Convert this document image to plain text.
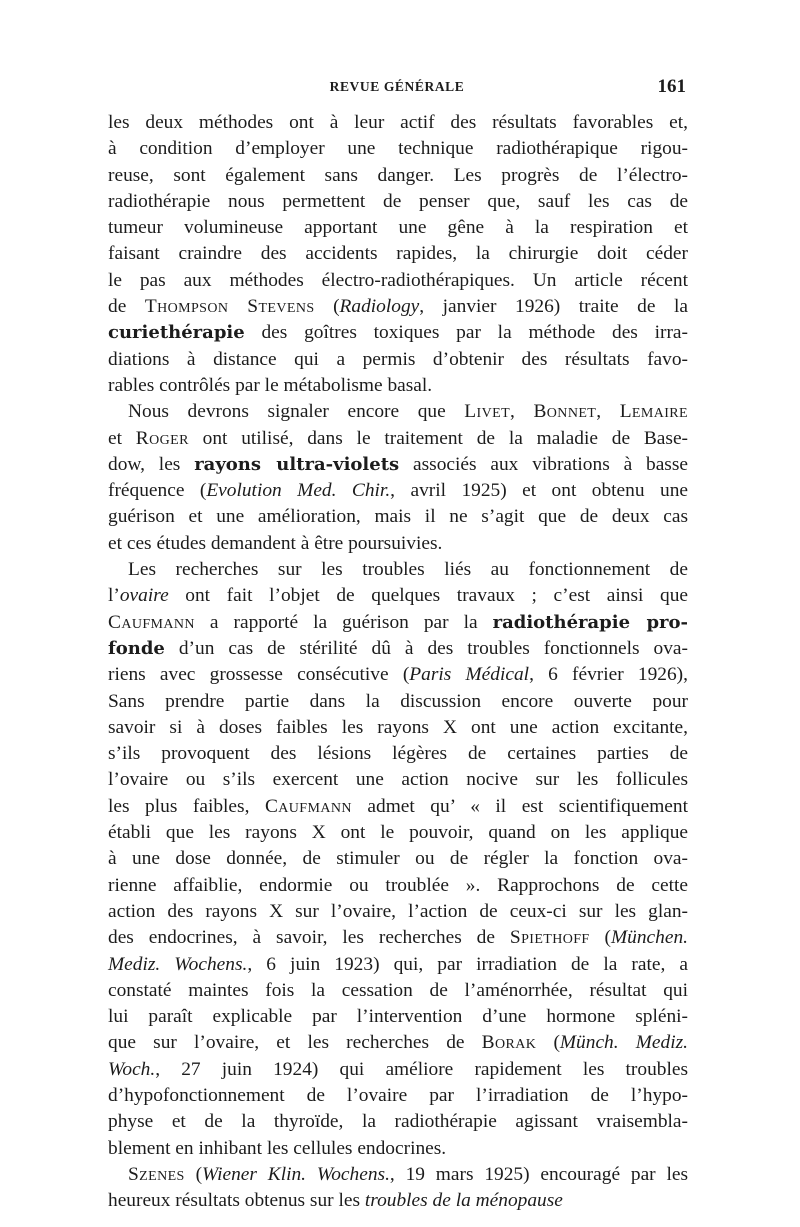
REVUE GÉNÉRALE	161
les deux méthodes ont à leur actif des résultats favorables et,
à condition d’employer une technique radiothérapique rigou-
reuse, sont également sans danger. Les progrès de l’électro-
radiothérapie nous permettent de penser que, sauf les cas de
tumeur volumineuse apportant une gêne à la respiration et
faisant craindre des accidents rapides, la chirurgie doit céder
le pas aux méthodes électro-radiothérapiques. Un article récent
de Thompson Stevens (Radiology, janvier 1926) traite de la
curiethérapie des goîtres toxiques par la méthode des irra-
diations à distance qui a permis d’obtenir des résultats favo-
rables contrôlés par le métabolisme basal.
Nous devrons signaler encore que Livet, Bonnet, Lemaire
et Roger ont utilisé, dans le traitement de la maladie de Base-
dow, les rayons ultra-violets associés aux vibrations à basse
fréquence (Evolution Med. Chir., avril 1925) et ont obtenu une
guérison et une amélioration, mais il ne s’agit que de deux cas
et ces études demandent à être poursuivies.
Les recherches sur les troubles liés au fonctionnement de
l’ovaire ont fait l’objet de quelques travaux ; c’est ainsi que
Caufmann a rapporté la guérison par la radiothérapie pro-
fonde d’un cas de stérilité dû à des troubles fonctionnels ova-
riens avec grossesse consécutive (Paris Médical, 6 février 1926),
Sans prendre partie dans la discussion encore ouverte pour
savoir si à doses faibles les rayons X ont une action excitante,
s’ils provoquent des lésions légères de certaines parties de
l’ovaire ou s’ils exercent une action nocive sur les follicules
les plus faibles, Caufmann admet qu’ « il est scientifiquement
établi que les rayons X ont le pouvoir, quand on les applique
à une dose donnée, de stimuler ou de régler la fonction ova-
rienne affaiblie, endormie ou troublée ». Rapprochons de cette
action des rayons X sur l’ovaire, l’action de ceux-ci sur les glan-
des endocrines, à savoir, les recherches de Spiethoff (München.
Mediz. Wochens., 6 juin 1923) qui, par irradiation de la rate, a
constaté maintes fois la cessation de l’aménorrhée, résultat qui
lui paraît explicable par l’intervention d’une hormone spléni-
que sur l’ovaire, et les recherches de Borak (Münch. Mediz.
Woch., 27 juin 1924) qui améliore rapidement les troubles
d’hypofonctionnement de l’ovaire par l’irradiation de l’hypo-
physe et de la thyroïde, la radiothérapie agissant vraisembla-
blement en inhibant les cellules endocrines.
Szenes (Wiener Klin. Wochens., 19 mars 1925) encouragé par les
heureux résultats obtenus sur les troubles de la ménopause
